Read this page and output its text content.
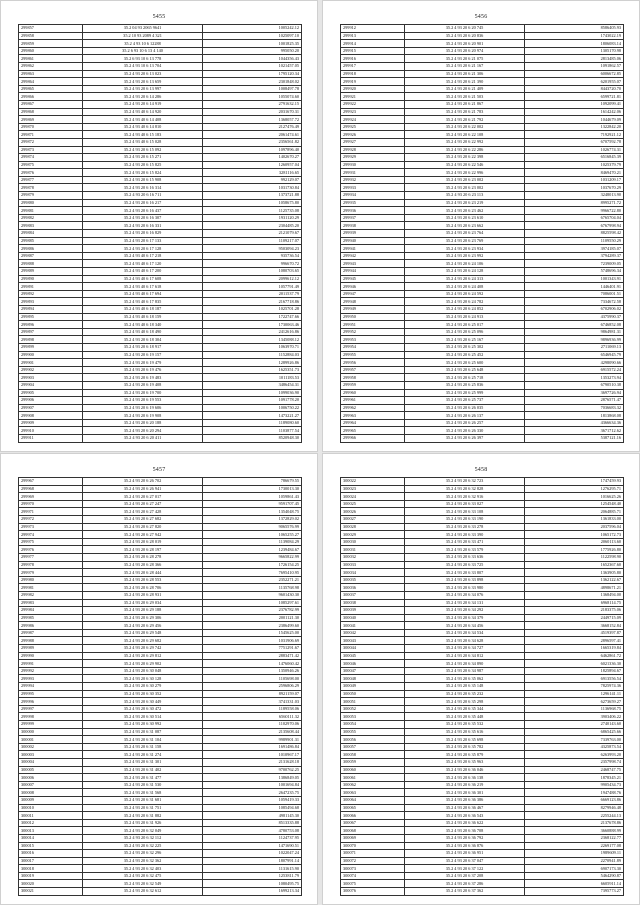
5455
299857	35.2 04 93 2065 9641	1005242.12
299858	35.2 10 93 2089 4 321	1025097.10
299859	35.2 4 93 10 6 12288	1001825.35
299860	35.2 6 93 10 6 13 4 140	995050.20
299861	35.2 6 93 10 6 13 778	1044356.43
299862	35.2 4 93 10 6 13 704	1021457.05
299863	35.2 4 93 20 6 13 023	1795120.34
299864	35.2 4 93 20 6 13 659	2301848.02
299865	35.2 4 93 20 6 13 997	1008497.78
299866	35.2 4 93 20 6 14 286	1055074.60
299867	35.2 4 93 20 6 14 919	2791632.15
299868	35.2 4 93 40 6 14 920	2031670.31
299869	35.2 4 93 40 6 14 408	1368057.72
299870	35.2 4 93 40 6 14 810	2127476.49
299871	35.2 4 93 40 6 15 183	2061474.61
299872	35.2 4 93 40 6 15 028	2356561.82
299873	35.2 4 93 20 6 15 092	1097896.40
299874	35.2 4 93 20 6 15 271	1402670.27
299875	35.2 4 93 20 6 15 825	1260957.04
299876	35.2 4 93 20 6 15 824	3281116.65
299877	35.2 4 93 20 6 15 908	992129.07
299878	35.2 4 93 20 6 16 314	1031730.84
299879	35.2 4 93 20 6 16 711	1373721.88
299880	35.2 4 93 20 6 16 217	1058675.80
299881	35.2 4 93 20 6 16 437	1125735.08
299882	35.2 4 93 20 6 16 307	1931120.29
299883	35.2 4 93 20 6 16 331	2304485.20
299884	35.2 4 93 20 6 16 829	2121079.67
299885	35.2 4 93 20 6 17 133	1109217.07
299886	35.2 4 93 20 6 17 128	9503094.23
299887	35.2 4 93 40 6 17 218	935736.54
299888	35.2 4 93 40 6 17 120	996670.72
299889	35.2 4 93 40 6 17 200	1080703.65
299890	35.2 4 93 40 6 17 608	2099612.12
299891	35.2 4 93 40 6 17 618	1057791.49
299892	35.2 4 93 40 6 17 694	2011537.79
299893	35.2 4 93 40 6 17 835	2167718.86
299894	35.2 4 93 40 6 18 187	1025701.28
299895	35.2 4 93 40 6 18 159	1722747.66
299896	35.2 4 93 40 6 18 340	1730063.46
299897	35.2 4 93 40 6 18 490	2412616.86
299898	35.2 4 93 20 6 18 304	1345088.12
299899	35.2 4 93 20 6 18 917	1063970.71
299900	35.2 4 93 20 6 19 157	1152884.03
299901	35.2 4 93 20 6 19 479	1289926.86
299902	35.2 4 93 20 6 19 476	1625351.73
299903	35.2 4 93 20 6 19 483	1011183.53
299904	35.2 4 93 20 6 19 408	3486454.31
299905	35.2 4 93 20 6 19 700	1099036.90
299906	35.2 4 93 20 6 19 553	1091778.20
299907	35.2 4 93 20 6 19 606	1006750.22
299908	35.2 4 93 20 6 19 908	1473221.27
299909	35.2 4 93 20 6 20 188	1189080.60
299910	35.2 4 93 20 6 20 294	1103877.54
299911	35.2 4 93 20 6 20 411	8520948.30
5456
299912	35.2 4 93 20 6 20 745	8586405.93
299913	35.2 4 93 20 6 20 836	1743022.19
299914	35.2 4 93 20 6 20 901	1806083.14
299915	35.2 4 93 20 6 20 974	1305170.98
299916	35.2 4 93 20 6 21 075	2813485.06
299917	35.2 4 93 20 6 21 167	1091862.57
299918	35.2 4 93 20 6 21 306	6006672.85
299919	35.2 4 93 20 6 21 390	6201955.07
299920	35.2 4 93 20 6 21 409	8443720.70
299921	35.2 4 93 20 6 21 503	6599721.81
299922	35.2 4 93 20 6 21 867	1092099.41
299923	35.2 4 93 20 6 21 783	1614242.06
299924	35.2 4 93 20 6 21 792	1044679.09
299925	35.2 4 93 20 6 22 002	1322842.20
299926	35.2 4 93 20 6 22 108	7192921.12
299927	35.2 4 93 20 6 22 992	6707592.78
299928	35.2 4 93 20 6 22 286	1026774.31
299929	35.2 4 93 20 6 22 398	6516845.39
299930	35.2 4 93 20 6 22 546	1025379.79
299931	35.2 4 93 20 6 22 996	8469470.21
299932	35.2 4 93 20 6 23 002	1031209.17
299933	35.2 4 93 20 6 23 002	1037670.29
299934	35.2 4 93 20 6 23 113	3248013.90
299935	35.2 4 93 20 6 23 219	8995271.72
299936	35.2 4 93 20 6 23 462	9966722.80
299937	35.2 4 93 20 6 23 610	6765704.04
299938	35.2 4 93 20 6 23 662	6767998.94
299939	35.2 4 93 20 6 23 764	8825598.42
299940	35.2 4 93 20 6 23 769	1109550.29
299941	35.2 4 93 20 6 23 934	3974185.07
299942	35.2 4 93 20 6 23 992	3794289.37
299943	35.2 4 93 20 6 24 106	7239009.05
299944	35.2 4 93 20 6 24 128	5748696.34
299945	35.2 4 93 20 6 24 313	1001343.91
299946	35.2 4 93 20 6 24 408	1446401.91
299947	35.2 4 93 20 6 24 592	7086001.51
299948	35.2 4 93 20 6 24 782	7334672.58
299949	35.2 4 93 20 6 24 852	6702906.02
299950	35.2 4 93 20 6 24 913	4375990.37
299951	35.2 4 93 20 6 25 017	6746852.08
299952	35.2 4 93 20 6 25 096	9864981.31
299953	35.2 4 93 20 6 25 167	9896936.99
299954	35.2 4 93 20 6 25 302	2711069.13
299955	35.2 4 93 20 6 25 452	6546945.79
299956	35.2 4 93 20 6 25 600	4298090.66
299957	35.2 4 93 20 6 25 648	6915572.24
299958	35.2 4 93 20 6 25 718	1353273.94
299959	35.2 4 93 20 6 25 836	6790510.38
299960	35.2 4 93 20 6 25 999	3697726.94
299961	35.2 4 93 20 6 25 737	2876571.47
299962	35.2 4 93 20 6 26 035	7036683.32
299963	35.2 4 93 20 6 26 137	1813868.08
299964	35.2 4 93 20 6 26 257	4366634.36
299965	35.2 4 93 20 6 26 330	3671712.62
299966	35.2 4 93 20 6 26 397	5387121.16
5457
299967	35.2 4 93 20 6 26 702	786679.55
299968	35.2 4 93 20 6 26 941	1730013.30
299969	35.2 4 93 20 6 27 017	1059861.43
299970	35.2 4 93 20 6 27 247	9591707.45
299971	35.2 4 93 20 6 27 428	1354048.75
299972	35.2 4 93 20 6 27 682	1372829.02
299973	35.2 4 93 20 6 27 820	9065576.99
299974	35.2 4 93 20 6 27 942	1065255.27
299975	35.2 4 93 20 6 28 019	1139084.29
299976	35.2 4 93 20 6 28 197	1239484.67
299977	35.2 4 93 20 6 28 278	9665822.99
299978	35.2 4 93 20 6 28 366	1726154.25
299979	35.2 4 93 20 6 28 444	7695410.95
299980	35.2 4 93 20 6 28 553	2352271.21
299981	35.2 4 93 20 6 28 706	1135768.98
299982	35.2 4 93 20 6 28 931	9601430.30
299983	35.2 4 93 20 6 29 034	1085297.61
299984	35.2 4 93 20 6 29 188	2376782.99
299985	35.2 4 93 20 6 29 306	2001121.30
299986	35.2 4 93 20 6 29 456	2386499.60
299987	35.2 4 93 20 6 29 548	1545625.00
299988	35.2 4 93 20 6 29 682	1031906.69
299989	35.2 4 93 20 6 29 742	7751291.67
299990	35.2 4 93 20 6 29 812	2883471.42
299991	35.2 4 93 20 6 29 902	1476060.42
299992	35.2 4 93 20 6 30 048	1350946.26
299993	35.2 4 93 20 6 30 128	1105698.00
299994	35.2 4 93 20 6 30 279	2596806.29
299995	35.2 4 93 20 6 30 352	8921159.07
299996	35.2 4 93 20 6 30 449	3741331.03
299997	35.2 4 93 20 6 30 472	1189558.06
299998	35.2 4 93 20 6 30 514	6560111.32
299999	35.2 4 93 20 6 30 992	1102970.06
300000	35.2 4 93 20 6 31 087	2135608.44
300001	35.2 4 93 20 6 31 104	9989901.31
300002	35.2 4 93 20 6 31 158	1691486.84
300003	35.2 4 93 20 6 31 274	1010967.17
300004	35.2 4 93 20 6 31 301	2131628.18
300005	35.2 4 93 20 6 31 402	9700762.25
300006	35.2 4 93 20 6 31 477	1386849.05
300007	35.2 4 93 20 6 31 530	1001694.84
300008	35.2 4 93 20 6 31 568	2647235.75
300009	35.2 4 93 20 6 31 681	1059419.33
300010	35.2 4 93 20 6 31 751	1085494.68
300011	35.2 4 93 20 6 31 882	4981145.30
300012	35.2 4 93 20 6 31 926	8513335.88
300013	35.2 4 93 20 6 32 049	4780753.08
300014	35.2 4 93 20 6 32 112	1124737.95
300015	35.2 4 93 20 6 32 225	1471690.51
300016	35.2 4 93 20 6 32 296	1022047.24
300017	35.2 4 93 20 6 32 362	1807991.14
300018	35.2 4 93 20 6 32 403	1131615.90
300019	35.2 4 93 20 6 32 475	1253811.79
300020	35.2 4 93 20 6 32 549	1080495.75
300021	35.2 4 93 20 6 32 612	1699213.34
5458
300022	35.2 4 93 20 6 32 723	1747459.93
300023	35.2 4 93 20 6 32 828	1276295.71
300024	35.2 4 93 20 6 32 916	1016625.26
300025	35.2 4 93 20 6 33 027	1254548.40
300026	35.2 4 93 20 6 33 108	2064885.71
300027	35.2 4 93 20 6 33 190	1361833.00
300028	35.2 4 93 20 6 33 278	2037596.04
300029	35.2 4 93 20 6 33 390	1065172.73
300030	35.2 4 93 20 6 33 471	2060113.60
300031	35.2 4 93 20 6 33 579	1775926.80
300032	35.2 4 93 20 6 33 636	1122598.90
300033	35.2 4 93 20 6 33 725	1652367.60
300034	35.2 4 93 20 6 33 807	1363905.80
300035	35.2 4 93 20 6 33 898	1362122.67
300036	35.2 4 93 20 6 33 980	4898671.21
300037	35.2 4 93 20 6 34 076	1368494.00
300038	35.2 4 93 20 6 34 131	6968114.75
300039	35.2 4 93 20 6 34 292	2183375.06
300040	35.2 4 93 20 6 34 379	2449715.09
300041	35.2 4 93 20 6 34 456	3668152.84
300042	35.2 4 93 20 6 34 534	4519397.87
300043	35.2 4 93 20 6 34 628	2896597.41
300044	35.2 4 93 20 6 34 727	1665319.84
300045	35.2 4 93 20 6 34 812	6462861.72
300046	35.2 4 93 20 6 34 890	6021336.30
300047	35.2 4 93 20 6 34 987	1825894.67
300048	35.2 4 93 20 6 35 062	6913556.54
300049	35.2 4 93 20 6 35 148	7825974.36
300050	35.2 4 93 20 6 35 232	1296141.11
300051	35.2 4 93 20 6 35 298	6273659.27
300052	35.2 4 93 20 6 35 344	1136968.75
300053	35.2 4 93 20 6 35 448	3903406.22
300054	35.2 4 93 20 6 35 532	2740143.60
300055	35.2 4 93 20 6 35 616	6865425.66
300056	35.2 4 93 20 6 35 698	7339763.00
300057	35.2 4 93 20 6 35 782	4325873.54
300058	35.2 4 93 20 6 35 879	6263993.20
300059	35.2 4 93 20 6 35 963	2357998.74
300060	35.2 4 93 20 6 36 046	2468747.75
300061	35.2 4 93 20 6 36 138	1878345.21
300062	35.2 4 93 20 6 36 219	9905434.73
300063	35.2 4 93 20 6 36 301	1947488.76
300064	35.2 4 93 20 6 36 386	6669123.86
300065	35.2 4 93 20 6 36 467	8279946.48
300066	35.2 4 93 20 6 36 543	2255244.13
300067	35.2 4 93 20 6 36 622	2137678.86
300068	35.2 4 93 20 6 36 708	3660888.99
300069	35.2 4 93 20 6 36 792	2368122.77
300070	35.2 4 93 20 6 36 876	2269177.08
300071	35.2 4 93 20 6 36 951	1989609.11
300072	35.2 4 93 20 6 37 047	2270941.89
300073	35.2 4 93 20 6 37 122	6907173.30
300074	35.2 4 93 20 6 37 208	5464290.87
300075	35.2 4 93 20 6 37 286	6605911.14
300076	35.2 4 93 20 6 37 362	7395773.27
